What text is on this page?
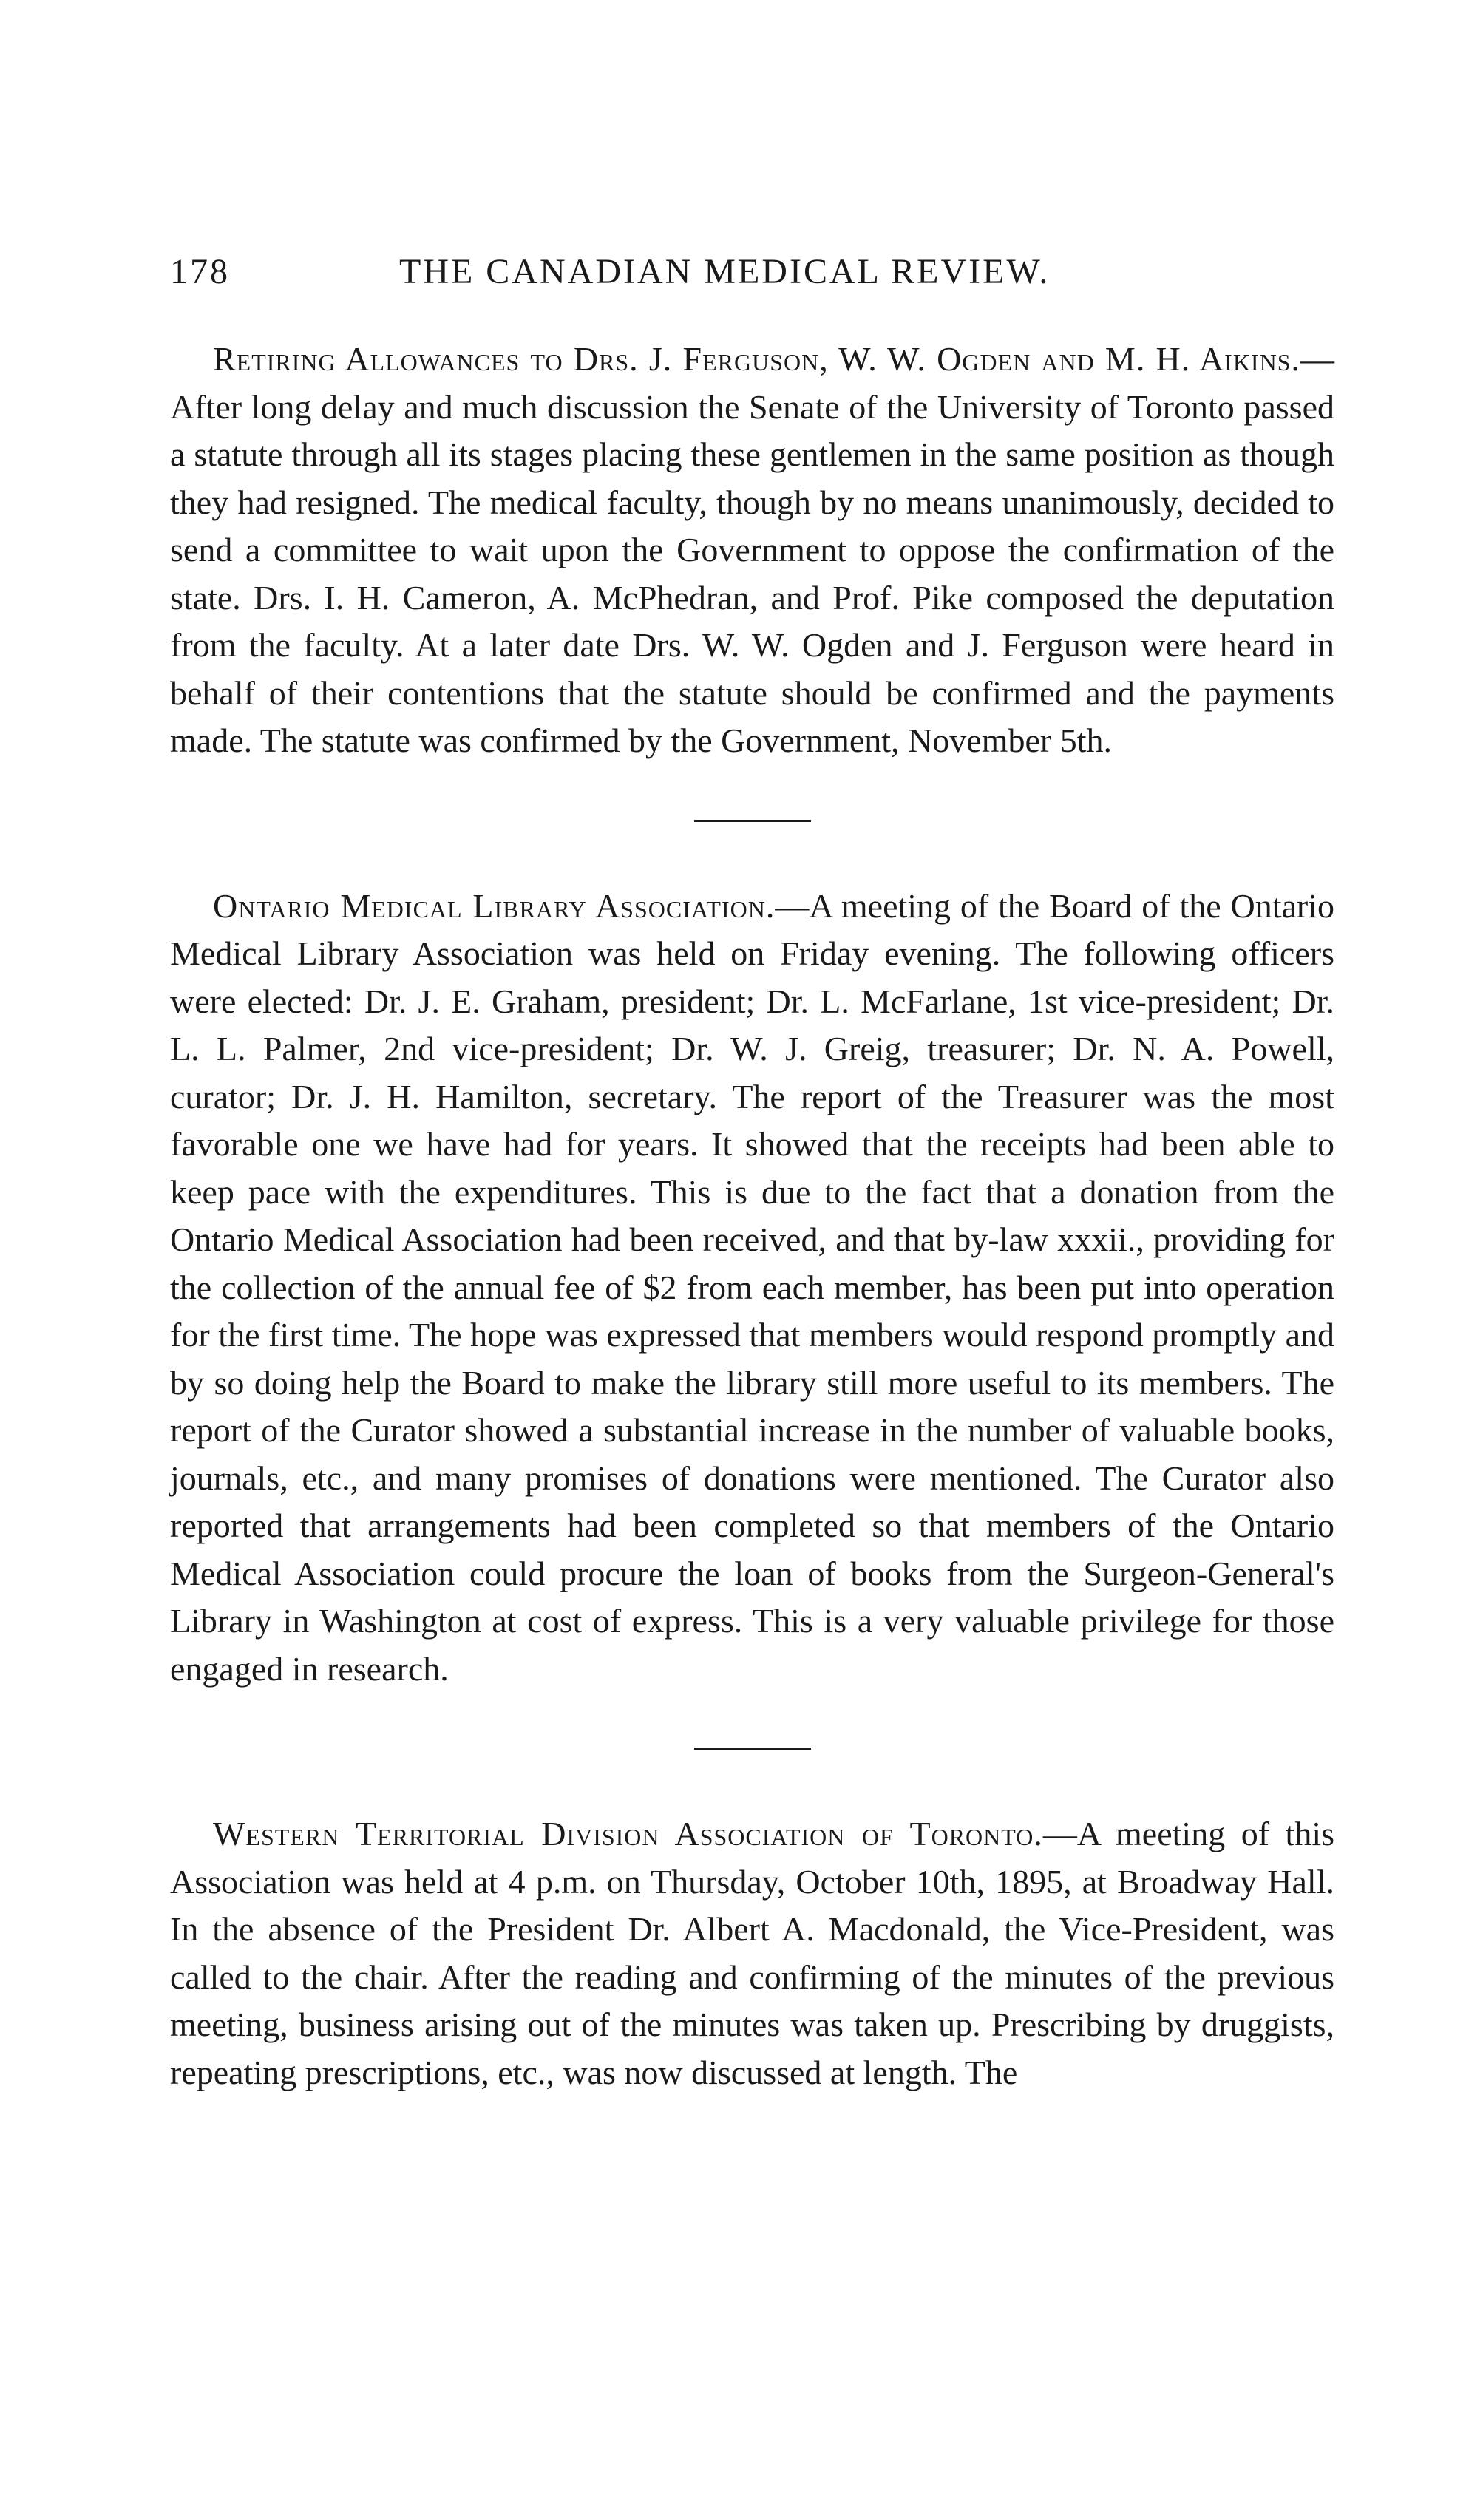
178	THE CANADIAN MEDICAL REVIEW.

Retiring Allowances to Drs. J. Ferguson, W. W. Ogden and M. H. Aikins.—After long delay and much discussion the Senate of the University of Toronto passed a statute through all its stages placing these gentlemen in the same position as though they had resigned. The medical faculty, though by no means unanimously, decided to send a committee to wait upon the Government to oppose the confirmation of the state. Drs. I. H. Cameron, A. McPhedran, and Prof. Pike composed the deputation from the faculty. At a later date Drs. W. W. Ogden and J. Ferguson were heard in behalf of their contentions that the statute should be confirmed and the payments made. The statute was confirmed by the Government, November 5th.

Ontario Medical Library Association.—A meeting of the Board of the Ontario Medical Library Association was held on Friday evening. The following officers were elected: Dr. J. E. Graham, president; Dr. L. McFarlane, 1st vice-president; Dr. L. L. Palmer, 2nd vice-president; Dr. W. J. Greig, treasurer; Dr. N. A. Powell, curator; Dr. J. H. Hamilton, secretary. The report of the Treasurer was the most favorable one we have had for years. It showed that the receipts had been able to keep pace with the expenditures. This is due to the fact that a donation from the Ontario Medical Association had been received, and that by-law xxxii., providing for the collection of the annual fee of $2 from each member, has been put into operation for the first time. The hope was expressed that members would respond promptly and by so doing help the Board to make the library still more useful to its members. The report of the Curator showed a substantial increase in the number of valuable books, journals, etc., and many promises of donations were mentioned. The Curator also reported that arrangements had been completed so that members of the Ontario Medical Association could procure the loan of books from the Surgeon-General's Library in Washington at cost of express. This is a very valuable privilege for those engaged in research.

Western Territorial Division Association of Toronto.—A meeting of this Association was held at 4 p.m. on Thursday, October 10th, 1895, at Broadway Hall. In the absence of the President Dr. Albert A. Macdonald, the Vice-President, was called to the chair. After the reading and confirming of the minutes of the previous meeting, business arising out of the minutes was taken up. Prescribing by druggists, repeating prescriptions, etc., was now discussed at length. The
